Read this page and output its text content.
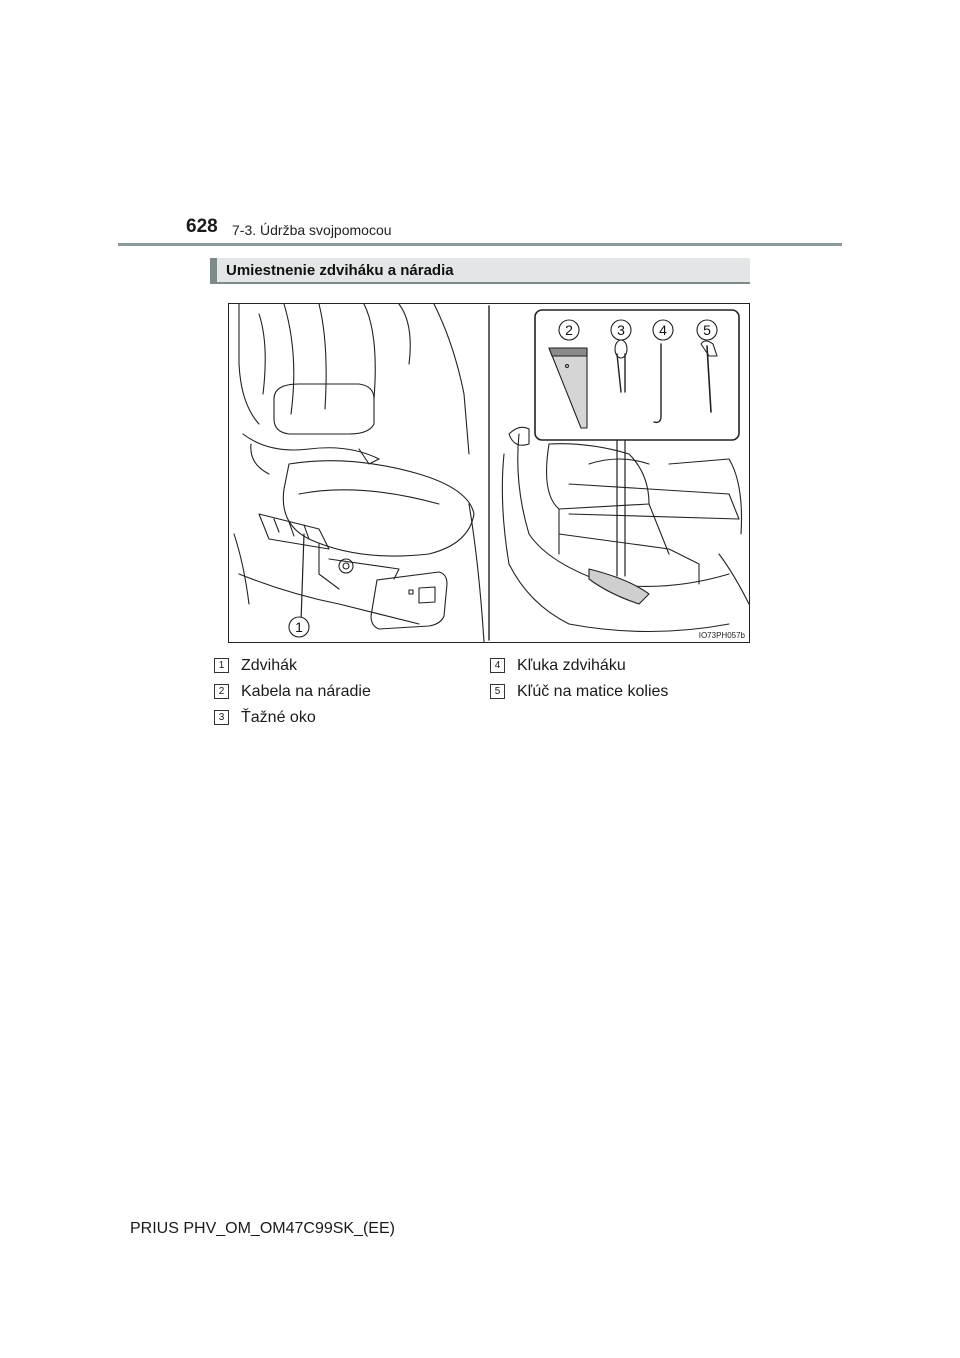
628 7-3. Údržba svojpomocou
Umiestnenie zdviháku a náradia
1
2	3 4	5
IO73PH057b
1 Zdvihák
2 Kabela na náradie
3 Ťažné oko
4 Kľuka zdviháku
5 Kľúč na matice kolies
PRIUS PHV_OM_OM47C99SK_(EE)
